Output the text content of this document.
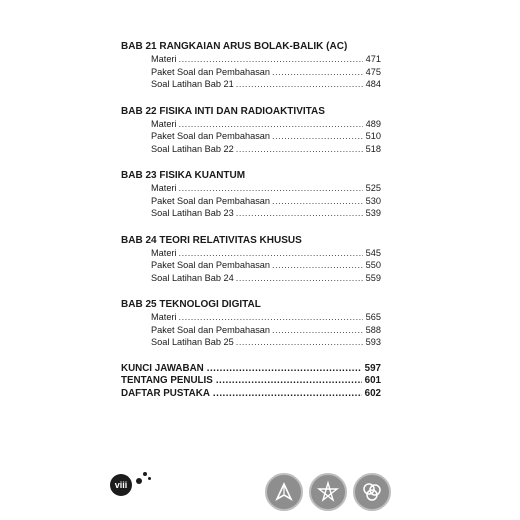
BAB 21 RANGKAIAN ARUS BOLAK-BALIK (AC)
Materi .....	471
Paket Soal dan Pembahasan .....	475
Soal Latihan Bab 21 .....	484
BAB 22 FISIKA INTI DAN RADIOAKTIVITAS
Materi .....	489
Paket Soal dan Pembahasan .....	510
Soal Latihan Bab 22 .....	518
BAB 23 FISIKA KUANTUM
Materi .....	525
Paket Soal dan Pembahasan .....	530
Soal Latihan Bab 23 .....	539
BAB 24 TEORI RELATIVITAS KHUSUS
Materi .....	545
Paket Soal dan Pembahasan .....	550
Soal Latihan Bab 24 .....	559
BAB 25 TEKNOLOGI DIGITAL
Materi .....	565
Paket Soal dan Pembahasan .....	588
Soal Latihan Bab 25 .....	593
KUNCI JAWABAN .....	597
TENTANG PENULIS .....	601
DAFTAR PUSTAKA .....	602
viii
